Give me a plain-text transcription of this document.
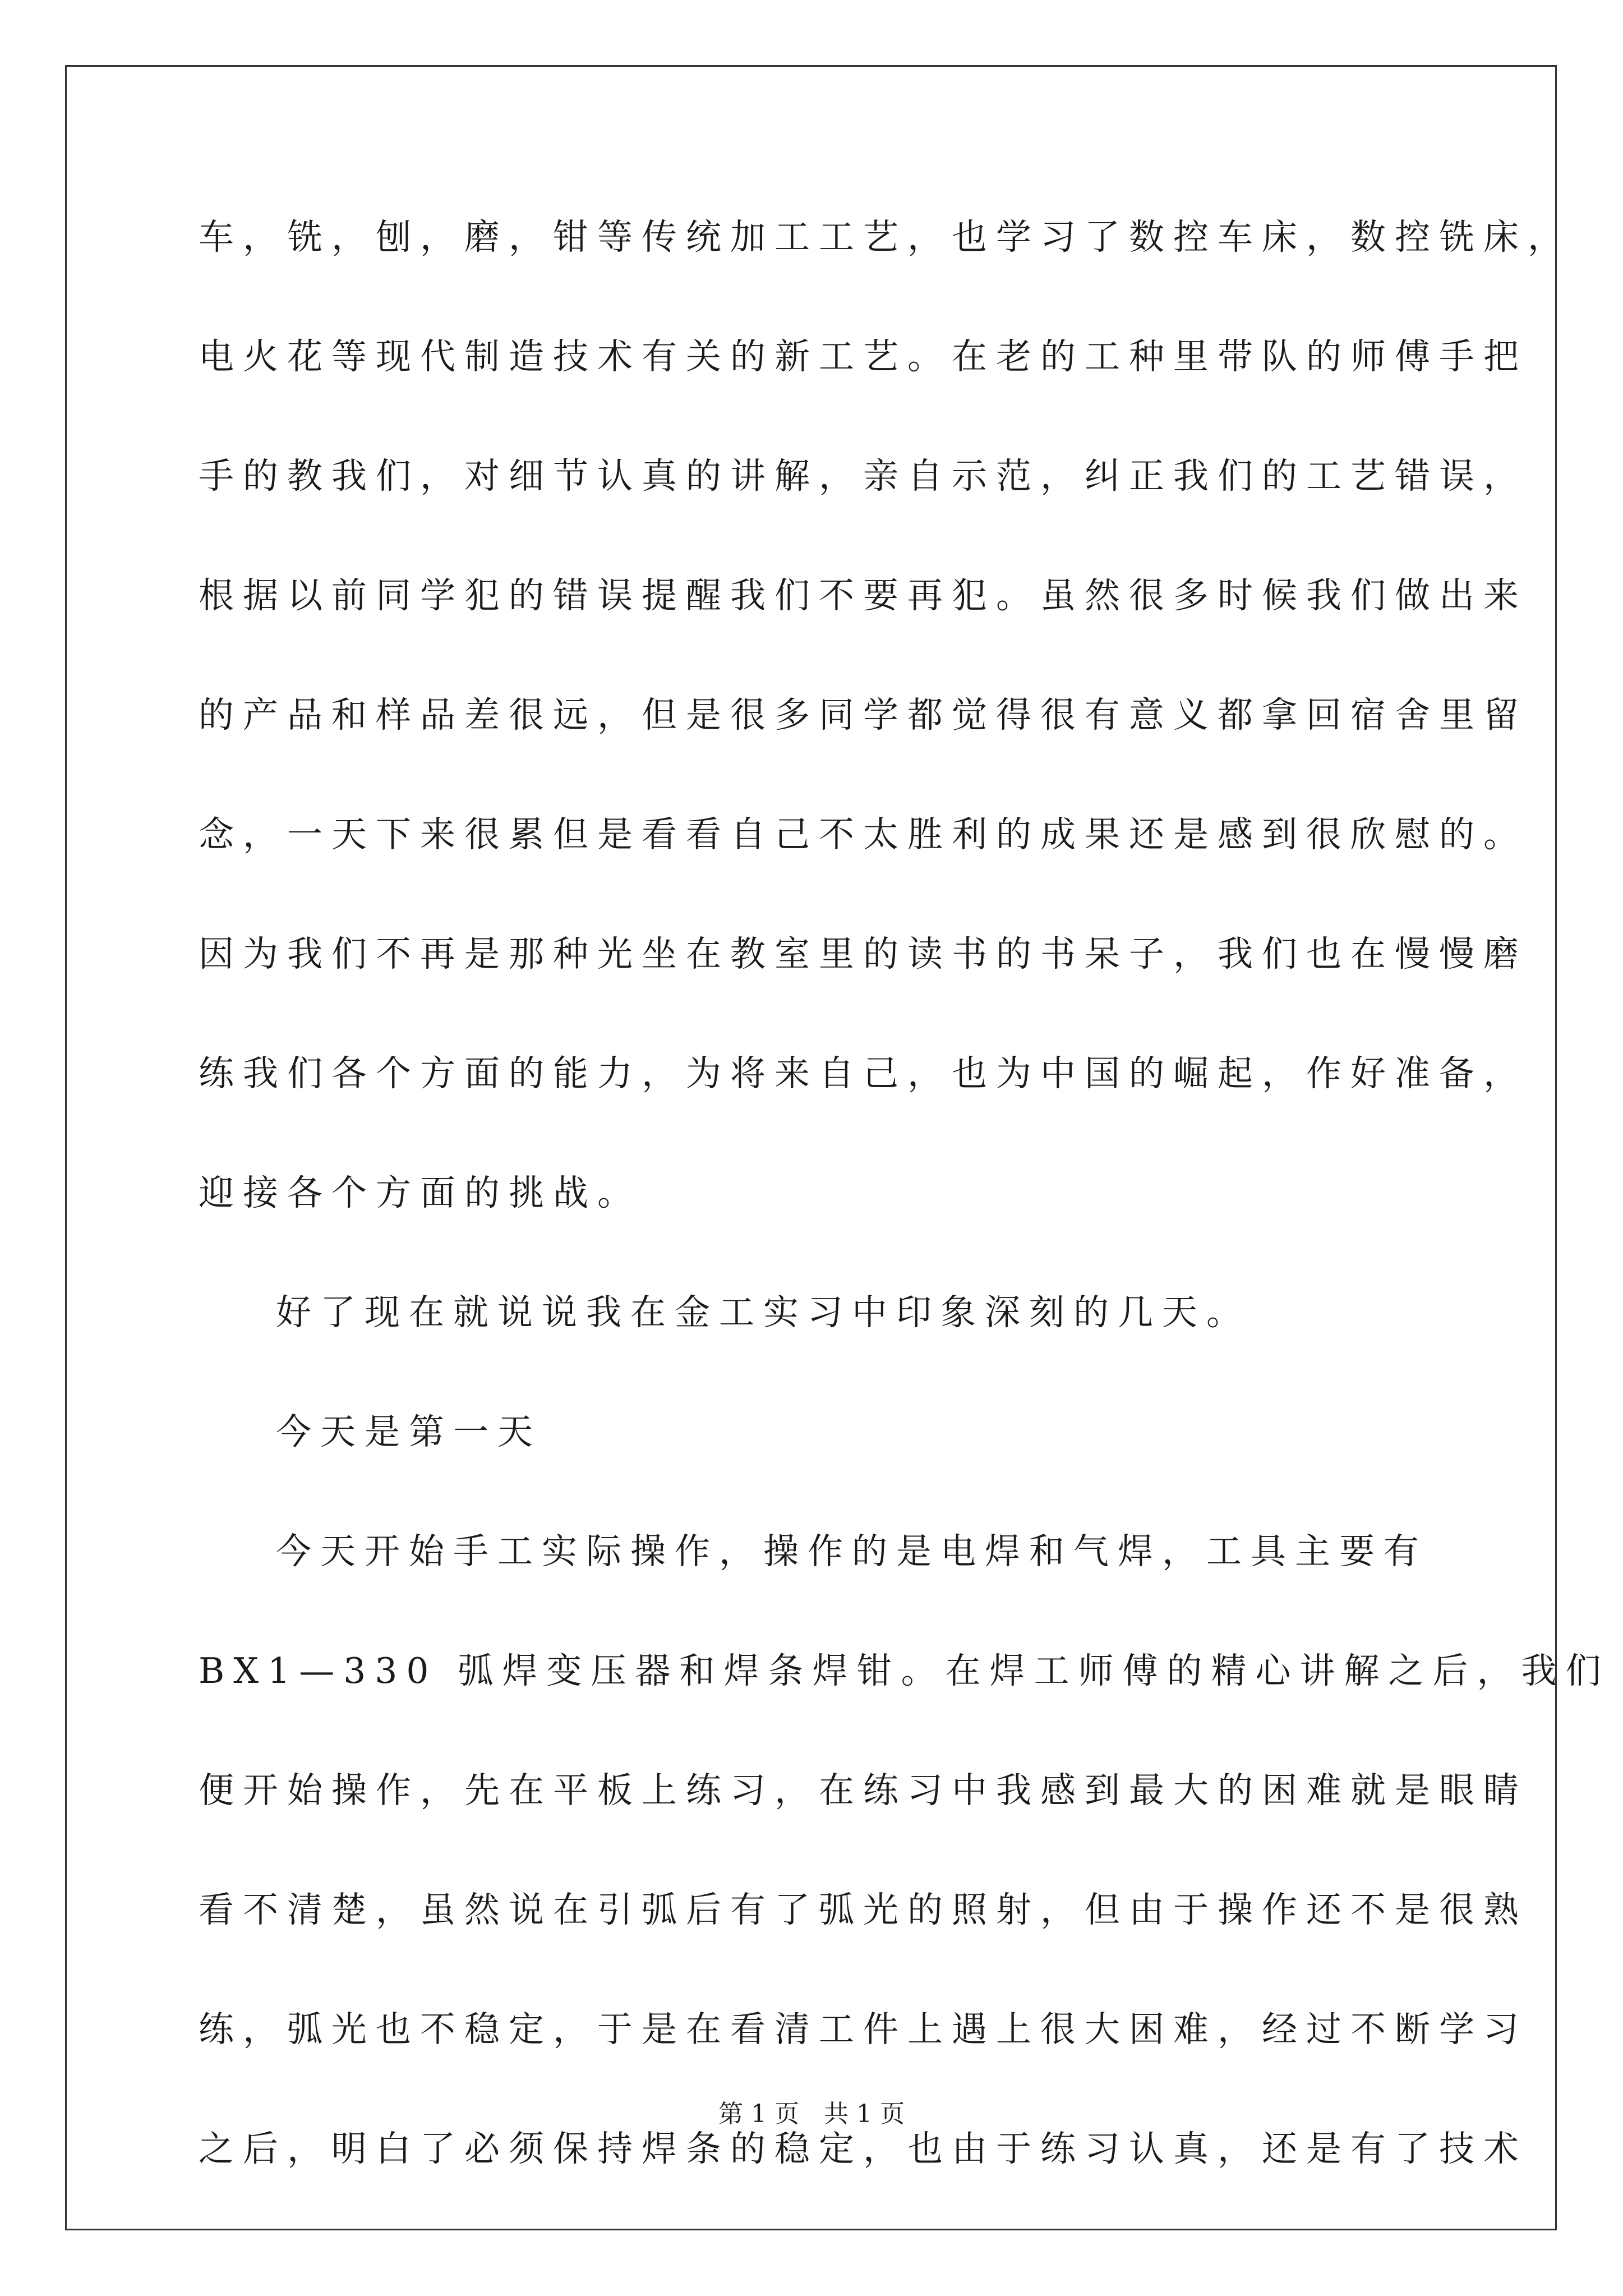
车，铣，刨，磨，钳等传统加工工艺，也学习了数控车床，数控铣床，
电火花等现代制造技术有关的新工艺。在老的工种里带队的师傅手把
手的教我们，对细节认真的讲解，亲自示范，纠正我们的工艺错误，
根据以前同学犯的错误提醒我们不要再犯。虽然很多时候我们做出来
的产品和样品差很远，但是很多同学都觉得很有意义都拿回宿舍里留
念，一天下来很累但是看看自己不太胜利的成果还是感到很欣慰的。
因为我们不再是那种光坐在教室里的读书的书呆子，我们也在慢慢磨
练我们各个方面的能力，为将来自己，也为中国的崛起，作好准备，
迎接各个方面的挑战。
好了现在就说说我在金工实习中印象深刻的几天。
今天是第一天
今天开始手工实际操作，操作的是电焊和气焊，工具主要有
BX1—330 弧焊变压器和焊条焊钳。在焊工师傅的精心讲解之后，我们
便开始操作，先在平板上练习，在练习中我感到最大的困难就是眼睛
看不清楚，虽然说在引弧后有了弧光的照射，但由于操作还不是很熟
练，弧光也不稳定，于是在看清工件上遇上很大困难，经过不断学习
之后，明白了必须保持焊条的稳定，也由于练习认真，还是有了技术
第 1 页　共 1 页
